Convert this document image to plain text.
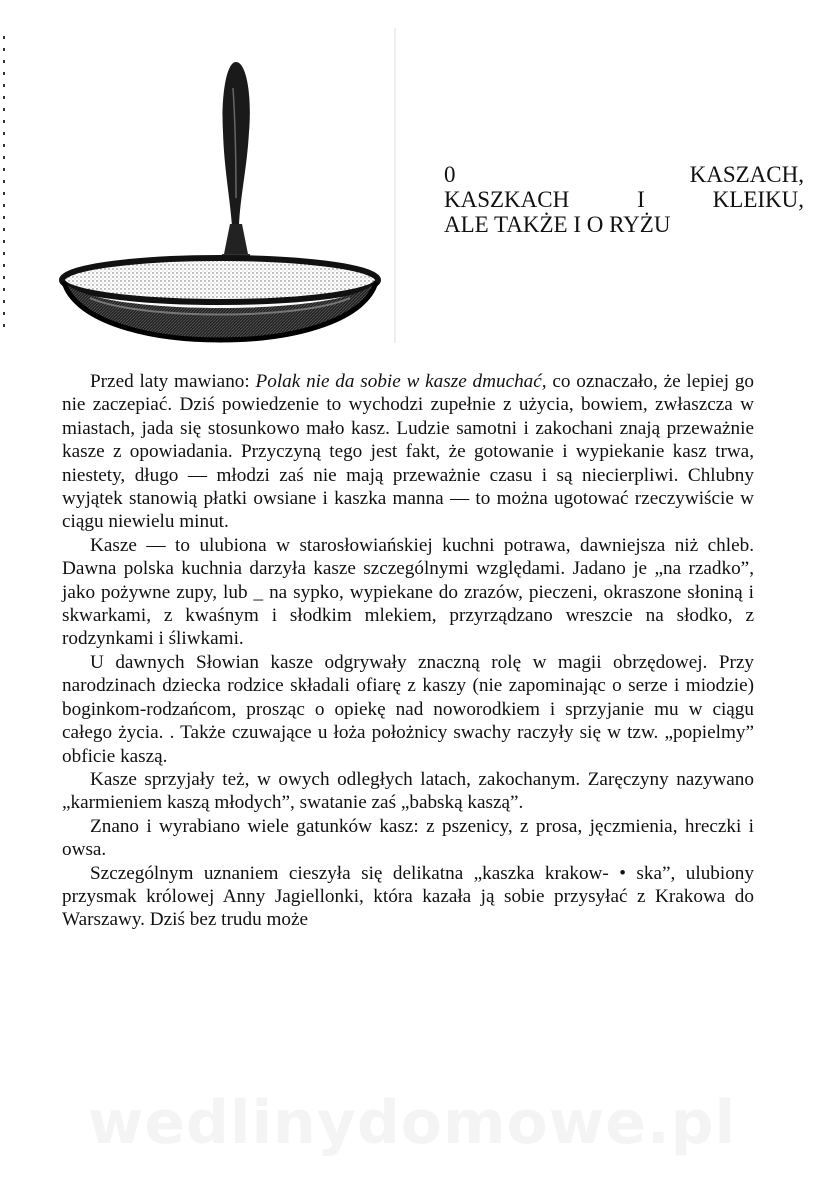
0 KASZACH,
KASZKACH I KLEIKU,
ALE TAKŻE I O RYŻU

Przed laty mawiano: Polak nie da sobie w kasze dmuchać, co oznaczało, że lepiej go nie zaczepiać. Dziś powiedzenie to wychodzi zupełnie z użycia, bowiem, zwłaszcza w miastach, jada się stosunkowo mało kasz. Ludzie samotni i zakochani znają przeważnie kasze z opowiadania. Przyczyną tego jest fakt, że gotowanie i wypiekanie kasz trwa, niestety, długo — młodzi zaś nie mają przeważnie czasu i są niecierpliwi. Chlubny wyjątek stanowią płatki owsiane i kaszka manna — to można ugotować rzeczywiście w ciągu niewielu minut.

Kasze — to ulubiona w starosłowiańskiej kuchni potrawa, dawniejsza niż chleb. Dawna polska kuchnia darzyła kasze szczególnymi względami. Jadano je „na rzadko”, jako pożywne zupy, lub _ na sypko, wypiekane do zrazów, pieczeni, okraszone słoniną i skwarkami, z kwaśnym i słodkim mlekiem, przyrządzano wreszcie na słodko, z rodzynkami i śliwkami.

U dawnych Słowian kasze odgrywały znaczną rolę w magii obrzędowej. Przy narodzinach dziecka rodzice składali ofiarę z kaszy (nie zapominając o serze i miodzie) boginkom-rodzańcom, prosząc o opiekę nad noworodkiem i sprzyjanie mu w ciągu całego życia. . Także czuwające u łoża położnicy swachy raczyły się w tzw. „popielmy” obficie kaszą.

Kasze sprzyjały też, w owych odległych latach, zakochanym. Zaręczyny nazywano „karmieniem kaszą młodych”, swatanie zaś „babską kaszą”.

Znano i wyrabiano wiele gatunków kasz: z pszenicy, z prosa, jęczmienia, hreczki i owsa.

Szczególnym uznaniem cieszyła się delikatna „kaszka krakow- • ska”, ulubiony przysmak królowej Anny Jagiellonki, która kazała ją sobie przysyłać z Krakowa do Warszawy. Dziś bez trudu może

wedlinydomowe.pl
